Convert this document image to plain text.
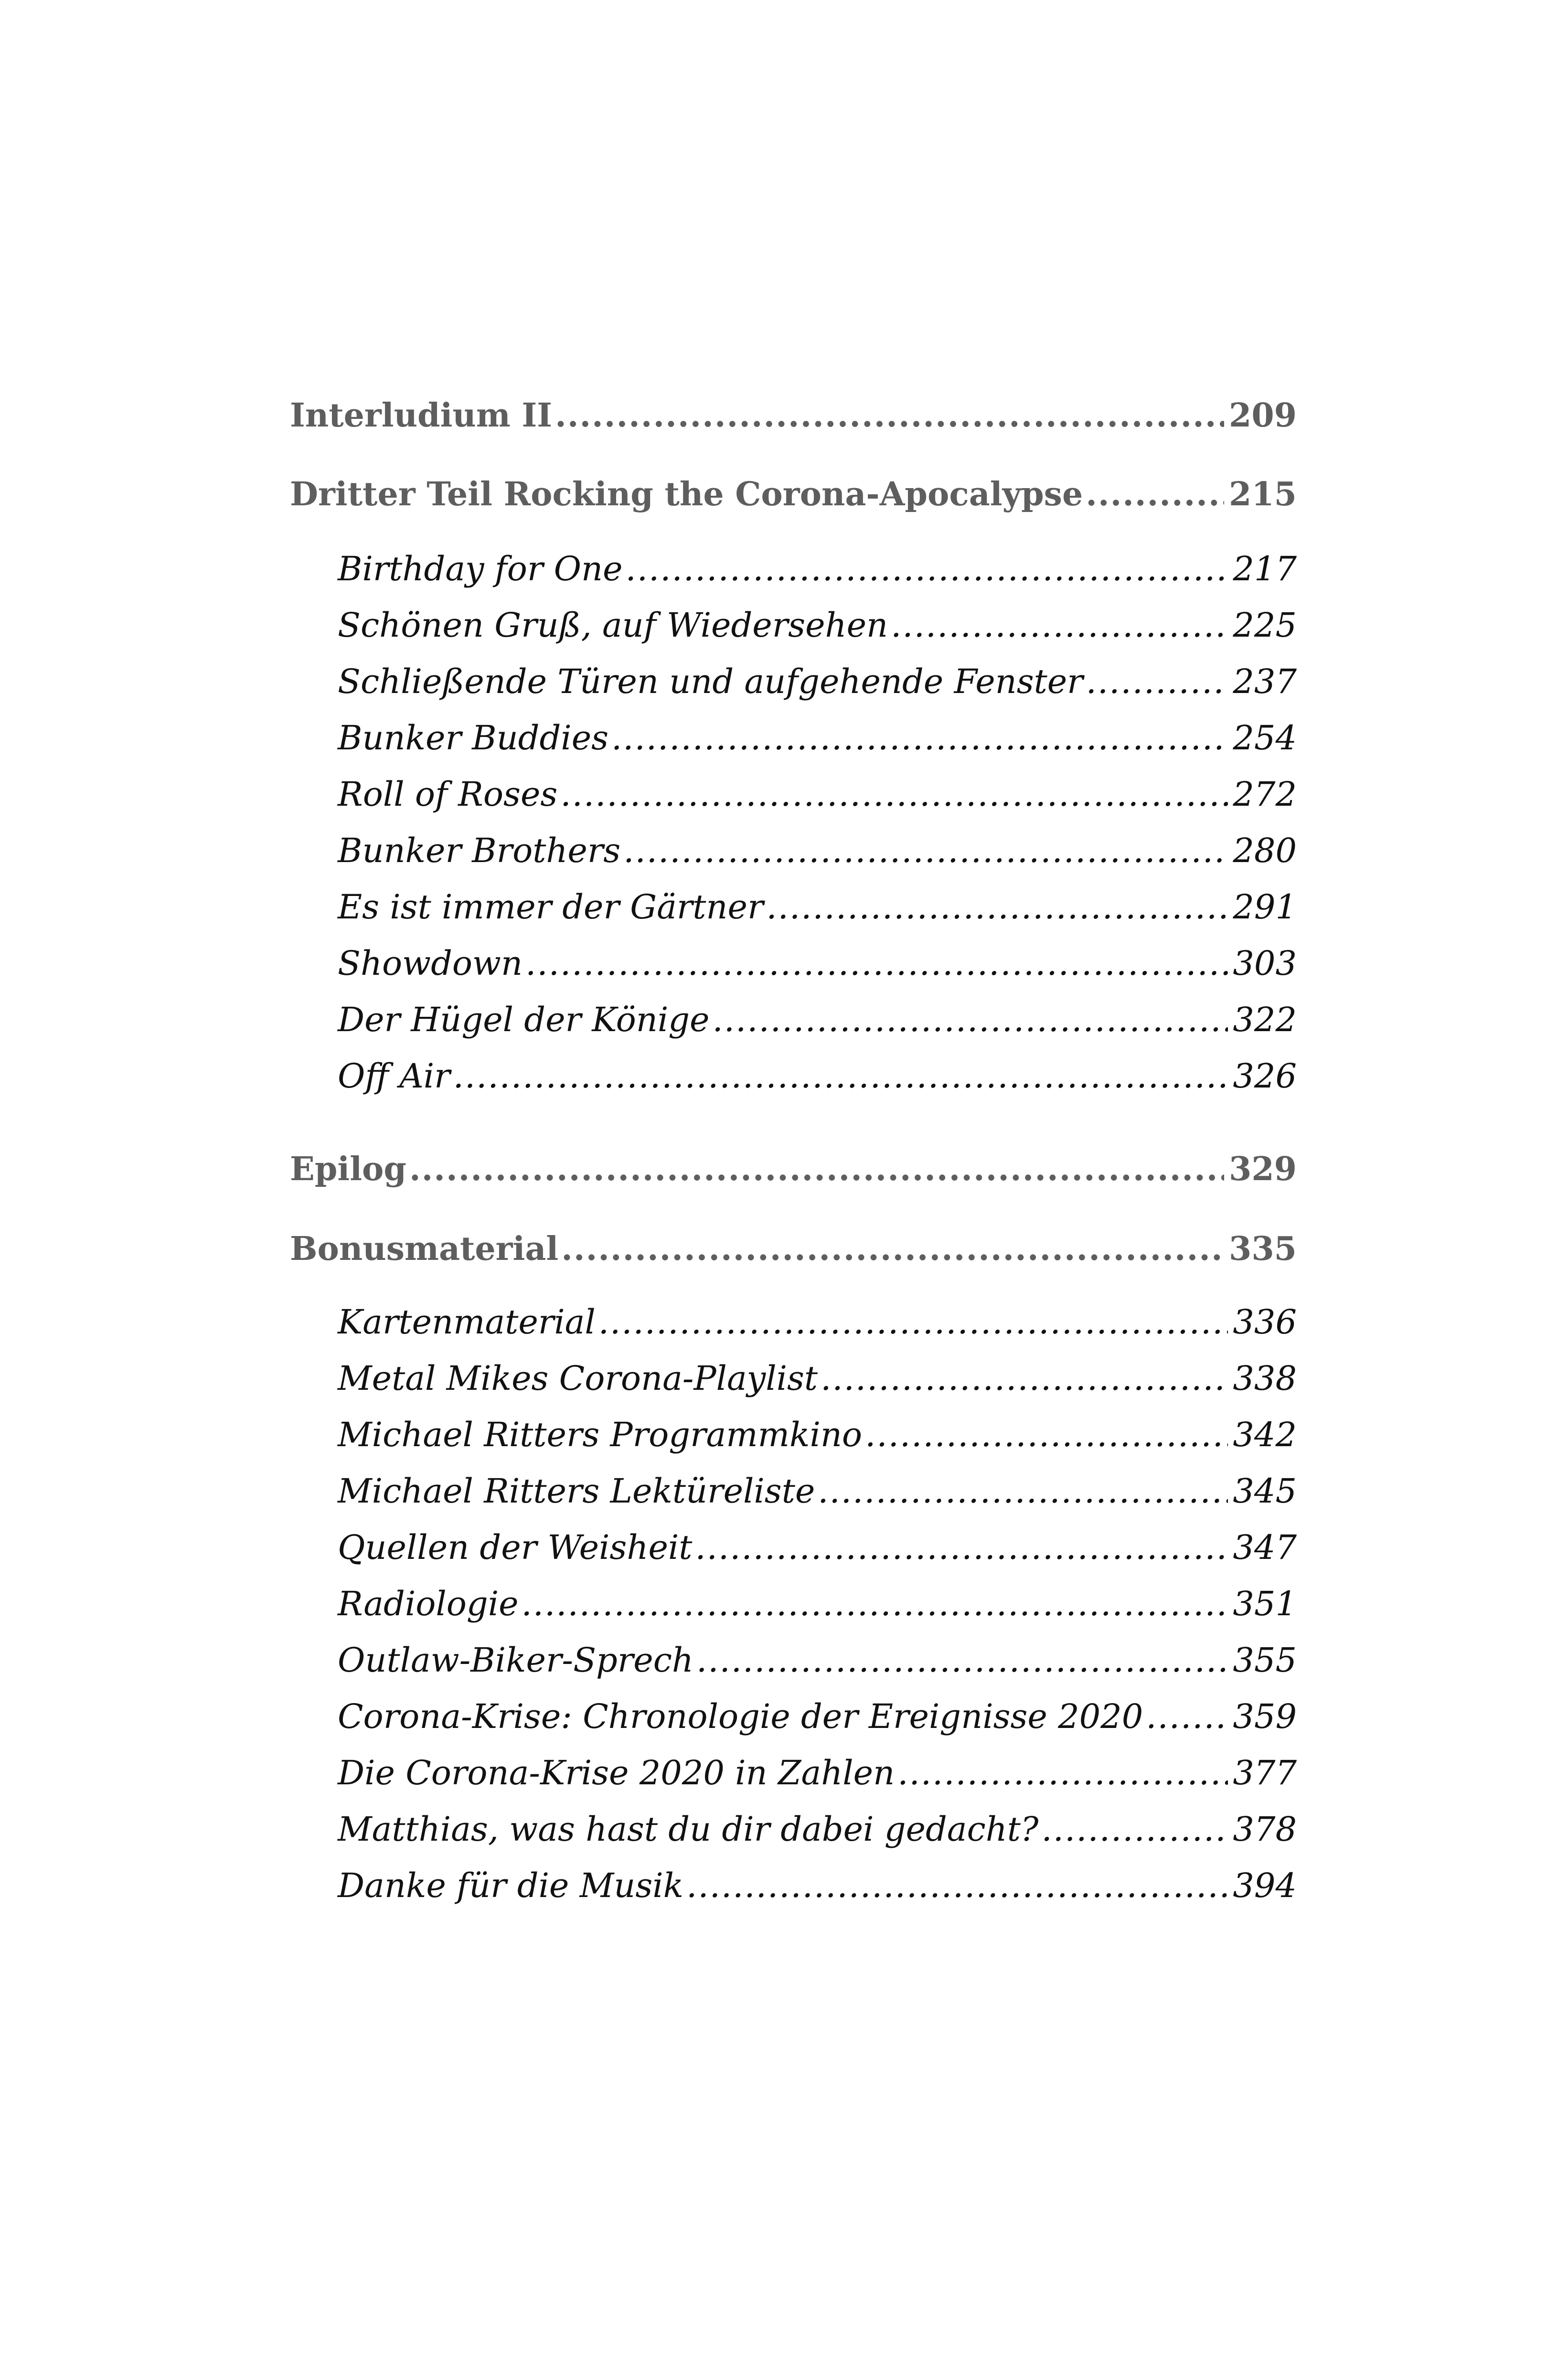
Interludium II .....	209
Dritter Teil Rocking the Corona-Apocalypse .....	215
Birthday for One .....	217
Schönen Gruß, auf Wiedersehen .....	225
Schließende Türen und aufgehende Fenster .....	237
Bunker Buddies .....	254
Roll of Roses .....	272
Bunker Brothers .....	280
Es ist immer der Gärtner .....	291
Showdown .....	303
Der Hügel der Könige .....	322
Off Air .....	326
Epilog .....	329
Bonusmaterial .....	335
Kartenmaterial .....	336
Metal Mikes Corona-Playlist .....	338
Michael Ritters Programmkino .....	342
Michael Ritters Lektüreliste .....	345
Quellen der Weisheit .....	347
Radiologie .....	351
Outlaw-Biker-Sprech .....	355
Corona-Krise: Chronologie der Ereignisse 2020 .....	359
Die Corona-Krise 2020 in Zahlen .....	377
Matthias, was hast du dir dabei gedacht? .....	378
Danke für die Musik .....	394
